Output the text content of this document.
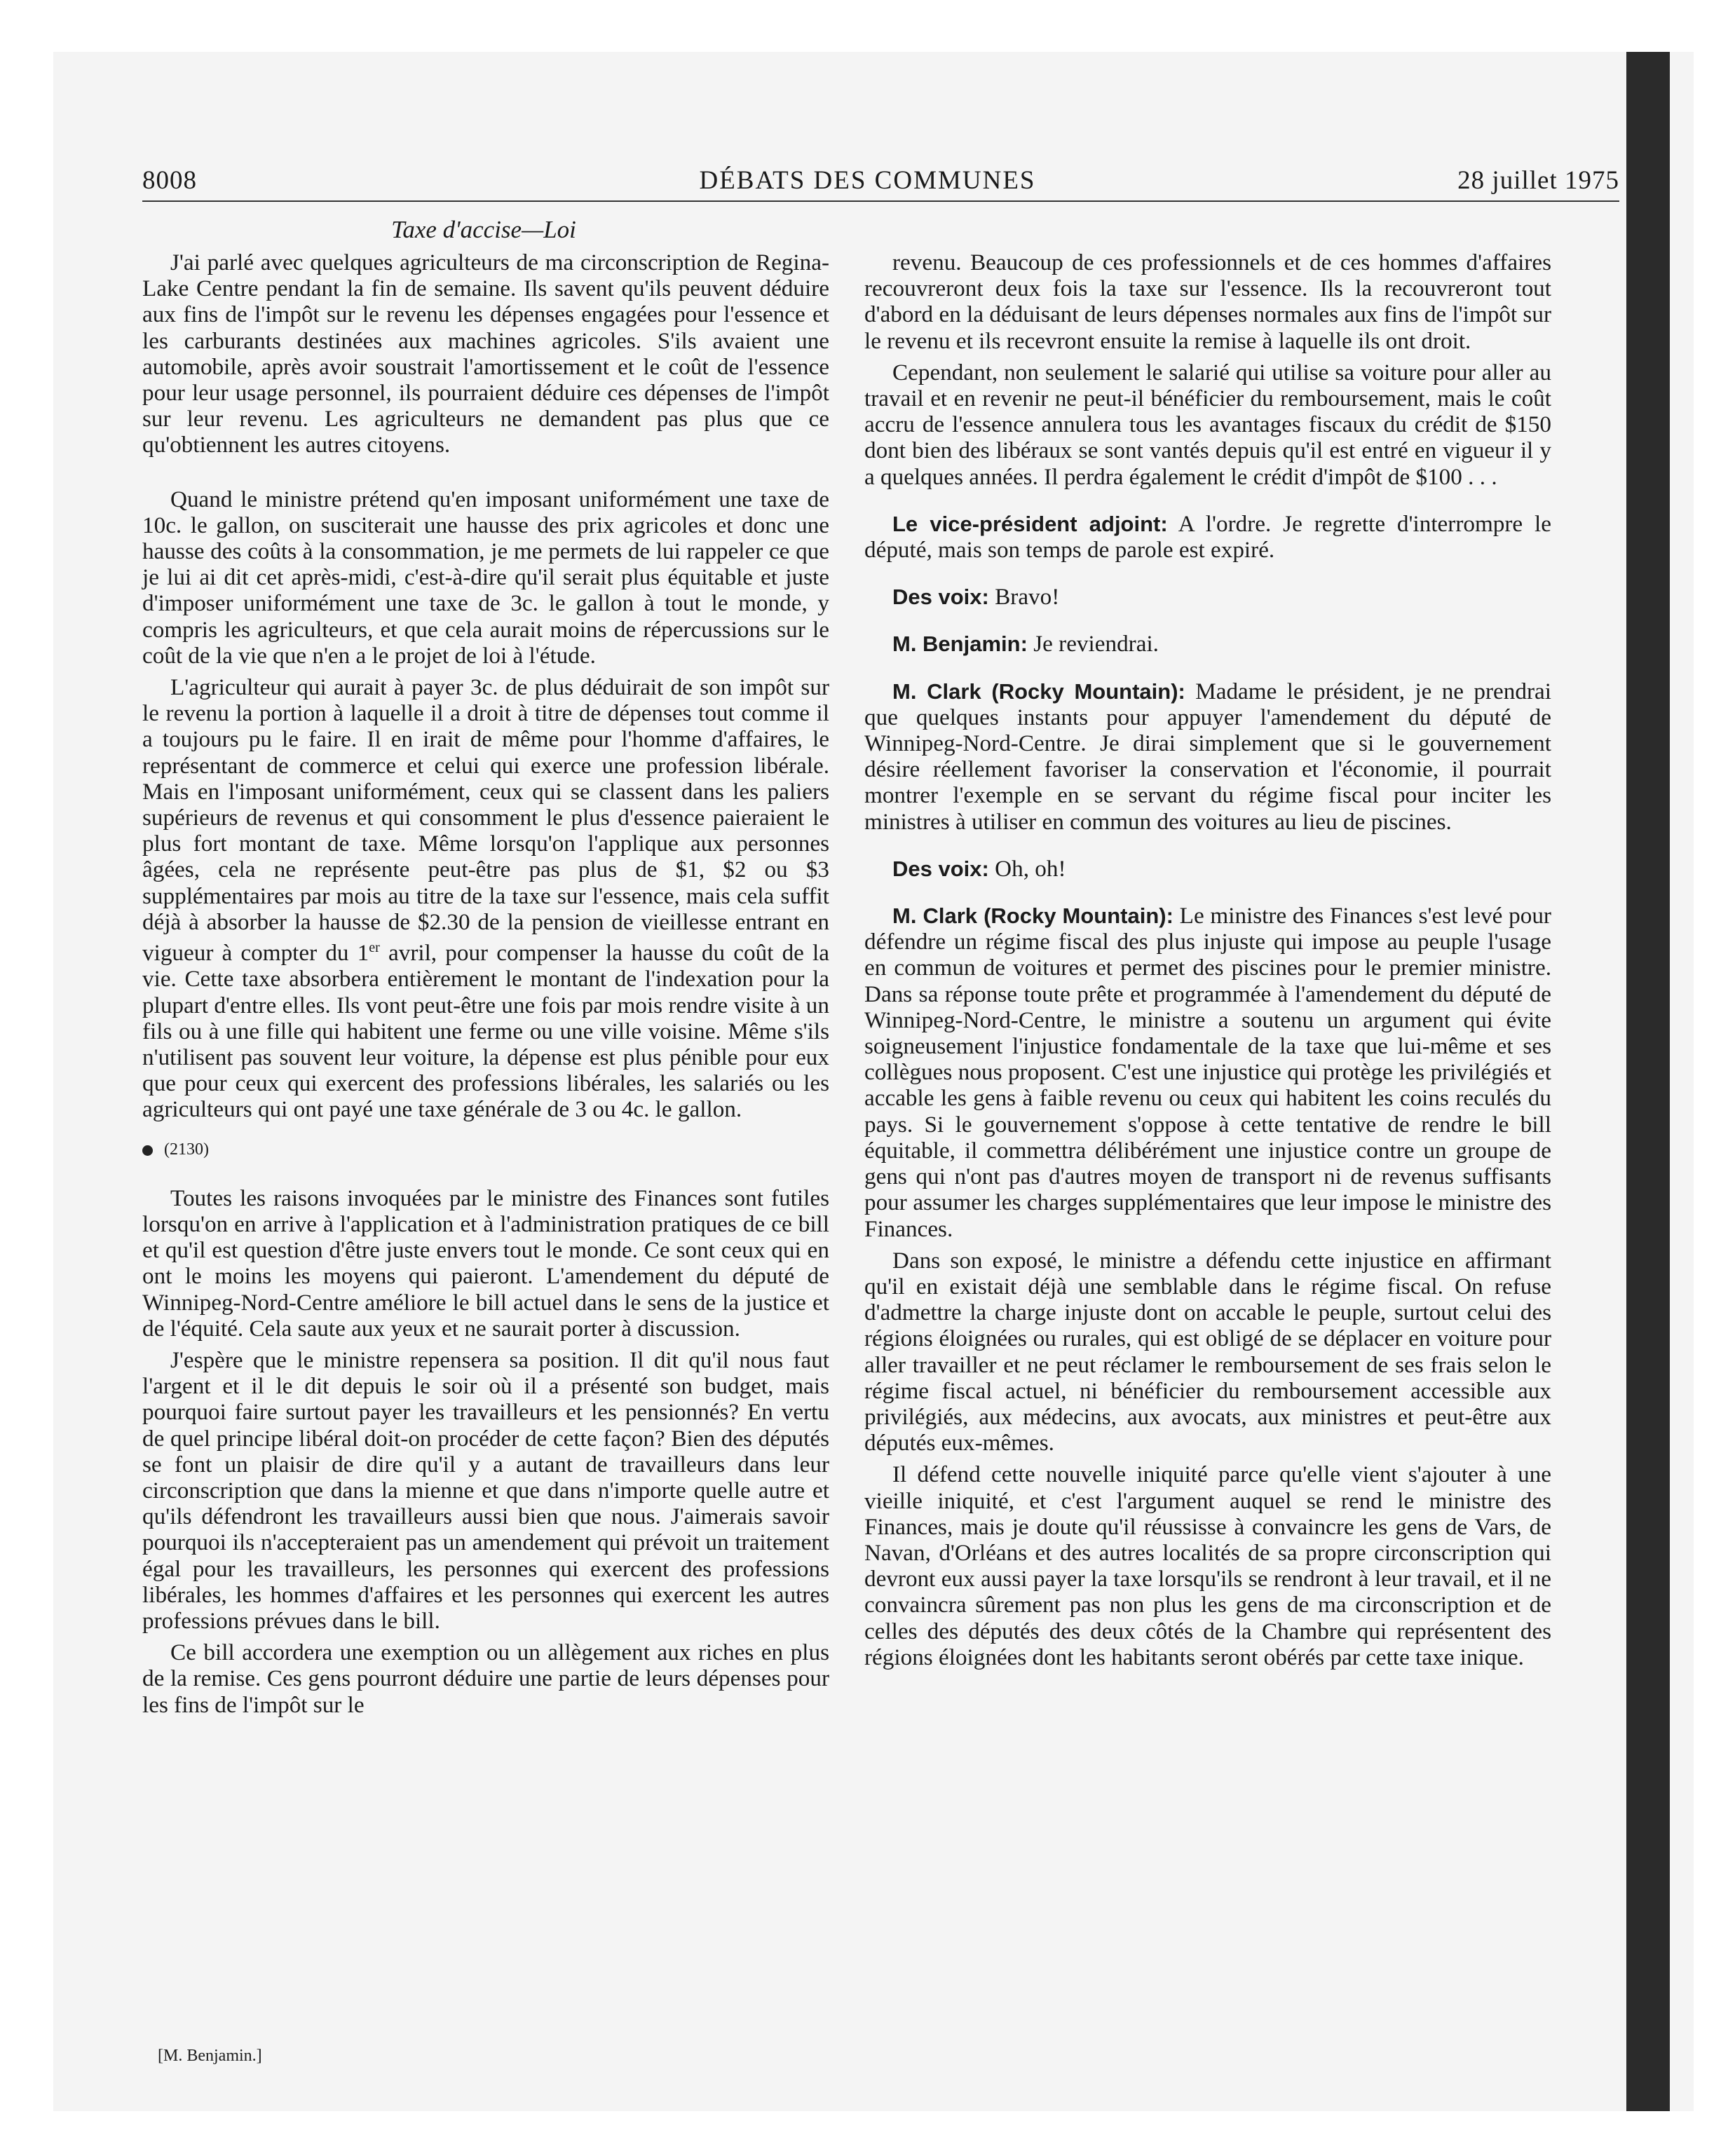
8008	DÉBATS DES COMMUNES	28 juillet 1975
Taxe d'accise—Loi

J'ai parlé avec quelques agriculteurs de ma circonscription de Regina-Lake Centre pendant la fin de semaine. Ils savent qu'ils peuvent déduire aux fins de l'impôt sur le revenu les dépenses engagées pour l'essence et les carburants destinées aux machines agricoles. S'ils avaient une automobile, après avoir soustrait l'amortissement et le coût de l'essence pour leur usage personnel, ils pourraient déduire ces dépenses de l'impôt sur leur revenu. Les agriculteurs ne demandent pas plus que ce qu'obtiennent les autres citoyens.

Quand le ministre prétend qu'en imposant uniformément une taxe de 10c. le gallon, on susciterait une hausse des prix agricoles et donc une hausse des coûts à la consommation, je me permets de lui rappeler ce que je lui ai dit cet après-midi, c'est-à-dire qu'il serait plus équitable et juste d'imposer uniformément une taxe de 3c. le gallon à tout le monde, y compris les agriculteurs, et que cela aurait moins de répercussions sur le coût de la vie que n'en a le projet de loi à l'étude.

L'agriculteur qui aurait à payer 3c. de plus déduirait de son impôt sur le revenu la portion à laquelle il a droit à titre de dépenses tout comme il a toujours pu le faire. Il en irait de même pour l'homme d'affaires, le représentant de commerce et celui qui exerce une profession libérale. Mais en l'imposant uniformément, ceux qui se classent dans les paliers supérieurs de revenus et qui consomment le plus d'essence paieraient le plus fort montant de taxe. Même lorsqu'on l'applique aux personnes âgées, cela ne représente peut-être pas plus de $1, $2 ou $3 supplémentaires par mois au titre de la taxe sur l'essence, mais cela suffit déjà à absorber la hausse de $2.30 de la pension de vieillesse entrant en vigueur à compter du 1er avril, pour compenser la hausse du coût de la vie. Cette taxe absorbera entièrement le montant de l'indexation pour la plupart d'entre elles. Ils vont peut-être une fois par mois rendre visite à un fils ou à une fille qui habitent une ferme ou une ville voisine. Même s'ils n'utilisent pas souvent leur voiture, la dépense est plus pénible pour eux que pour ceux qui exercent des professions libérales, les salariés ou les agriculteurs qui ont payé une taxe générale de 3 ou 4c. le gallon.

(2130)

Toutes les raisons invoquées par le ministre des Finances sont futiles lorsqu'on en arrive à l'application et à l'administration pratiques de ce bill et qu'il est question d'être juste envers tout le monde. Ce sont ceux qui en ont le moins les moyens qui paieront. L'amendement du député de Winnipeg-Nord-Centre améliore le bill actuel dans le sens de la justice et de l'équité. Cela saute aux yeux et ne saurait porter à discussion.

J'espère que le ministre repensera sa position. Il dit qu'il nous faut l'argent et il le dit depuis le soir où il a présenté son budget, mais pourquoi faire surtout payer les travailleurs et les pensionnés? En vertu de quel principe libéral doit-on procéder de cette façon? Bien des députés se font un plaisir de dire qu'il y a autant de travailleurs dans leur circonscription que dans la mienne et que dans n'importe quelle autre et qu'ils défendront les travailleurs aussi bien que nous. J'aimerais savoir pourquoi ils n'accepteraient pas un amendement qui prévoit un traitement égal pour les travailleurs, les personnes qui exercent des professions libérales, les hommes d'affaires et les personnes qui exercent les autres professions prévues dans le bill.

Ce bill accordera une exemption ou un allègement aux riches en plus de la remise. Ces gens pourront déduire une partie de leurs dépenses pour les fins de l'impôt sur le

[M. Benjamin.]

revenu. Beaucoup de ces professionnels et de ces hommes d'affaires recouvreront deux fois la taxe sur l'essence. Ils la recouvreront tout d'abord en la déduisant de leurs dépenses normales aux fins de l'impôt sur le revenu et ils recevront ensuite la remise à laquelle ils ont droit.

Cependant, non seulement le salarié qui utilise sa voiture pour aller au travail et en revenir ne peut-il bénéficier du remboursement, mais le coût accru de l'essence annulera tous les avantages fiscaux du crédit de $150 dont bien des libéraux se sont vantés depuis qu'il est entré en vigueur il y a quelques années. Il perdra également le crédit d'impôt de $100 . . .

Le vice-président adjoint: A l'ordre. Je regrette d'interrompre le député, mais son temps de parole est expiré.

Des voix: Bravo!

M. Benjamin: Je reviendrai.

M. Clark (Rocky Mountain): Madame le président, je ne prendrai que quelques instants pour appuyer l'amendement du député de Winnipeg-Nord-Centre. Je dirai simplement que si le gouvernement désire réellement favoriser la conservation et l'économie, il pourrait montrer l'exemple en se servant du régime fiscal pour inciter les ministres à utiliser en commun des voitures au lieu de piscines.

Des voix: Oh, oh!

M. Clark (Rocky Mountain): Le ministre des Finances s'est levé pour défendre un régime fiscal des plus injuste qui impose au peuple l'usage en commun de voitures et permet des piscines pour le premier ministre. Dans sa réponse toute prête et programmée à l'amendement du député de Winnipeg-Nord-Centre, le ministre a soutenu un argument qui évite soigneusement l'injustice fondamentale de la taxe que lui-même et ses collègues nous proposent. C'est une injustice qui protège les privilégiés et accable les gens à faible revenu ou ceux qui habitent les coins reculés du pays. Si le gouvernement s'oppose à cette tentative de rendre le bill équitable, il commettra délibérément une injustice contre un groupe de gens qui n'ont pas d'autres moyen de transport ni de revenus suffisants pour assumer les charges supplémentaires que leur impose le ministre des Finances.

Dans son exposé, le ministre a défendu cette injustice en affirmant qu'il en existait déjà une semblable dans le régime fiscal. On refuse d'admettre la charge injuste dont on accable le peuple, surtout celui des régions éloignées ou rurales, qui est obligé de se déplacer en voiture pour aller travailler et ne peut réclamer le remboursement de ses frais selon le régime fiscal actuel, ni bénéficier du remboursement accessible aux privilégiés, aux médecins, aux avocats, aux ministres et peut-être aux députés eux-mêmes.

Il défend cette nouvelle iniquité parce qu'elle vient s'ajouter à une vieille iniquité, et c'est l'argument auquel se rend le ministre des Finances, mais je doute qu'il réussisse à convaincre les gens de Vars, de Navan, d'Orléans et des autres localités de sa propre circonscription qui devront eux aussi payer la taxe lorsqu'ils se rendront à leur travail, et il ne convaincra sûrement pas non plus les gens de ma circonscription et de celles des députés des deux côtés de la Chambre qui représentent des régions éloignées dont les habitants seront obérés par cette taxe inique.
